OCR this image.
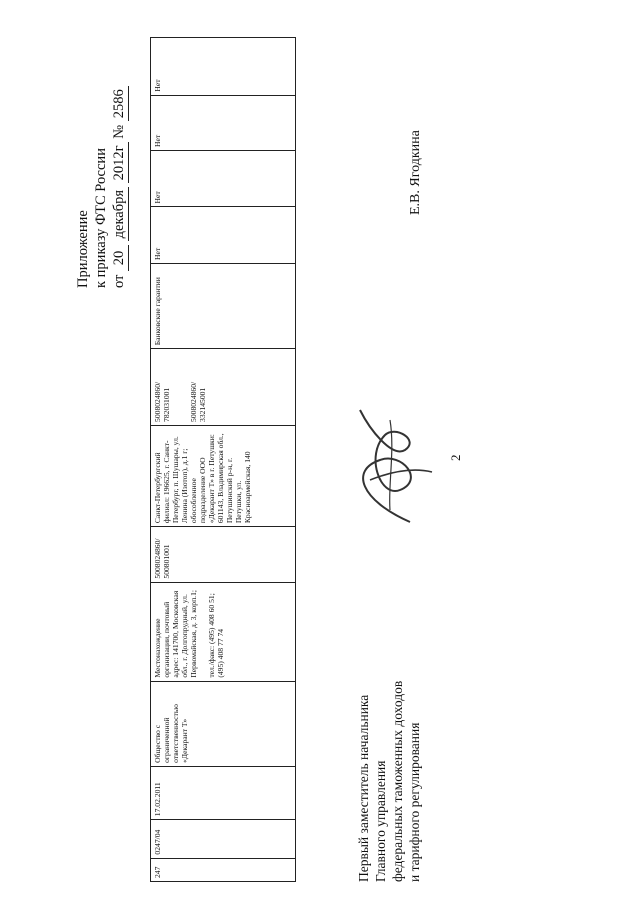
2
Приложение к приказу ФТС России от 20 декабря 2012г № 2586
247	0247/04	17.02.2011	Общество с ограниченной ответственностью «Декарант Т»	Местонахождение организации, почтовый адрес: 141700, Московская обл., г. Долгопрудный, ул. Первомайская, д. 3, корп.1;

тел./факс: (495) 408 60 51;
(495) 408 77 74	5008024860/ 500801001	Санкт-Петербургский филиал: 196625, г. Санкт-Петербург, п. Шушары, ул. Ленина (Изотоп), д.1 г;
обособленное подразделение ООО «Декарант Т» в г. Петушки: 601143, Владимирская обл., Петушинский р-н, г. Петушки, ул. Красноармейская, 140	5008024860/ 782031001

5008024860/ 332145001	Банковские гарантии	Нет	Нет	Нет	Нет
Первый заместитель начальника Главного управления федеральных таможенных доходов и тарифного регулирования
Е.В. Ягодкина
